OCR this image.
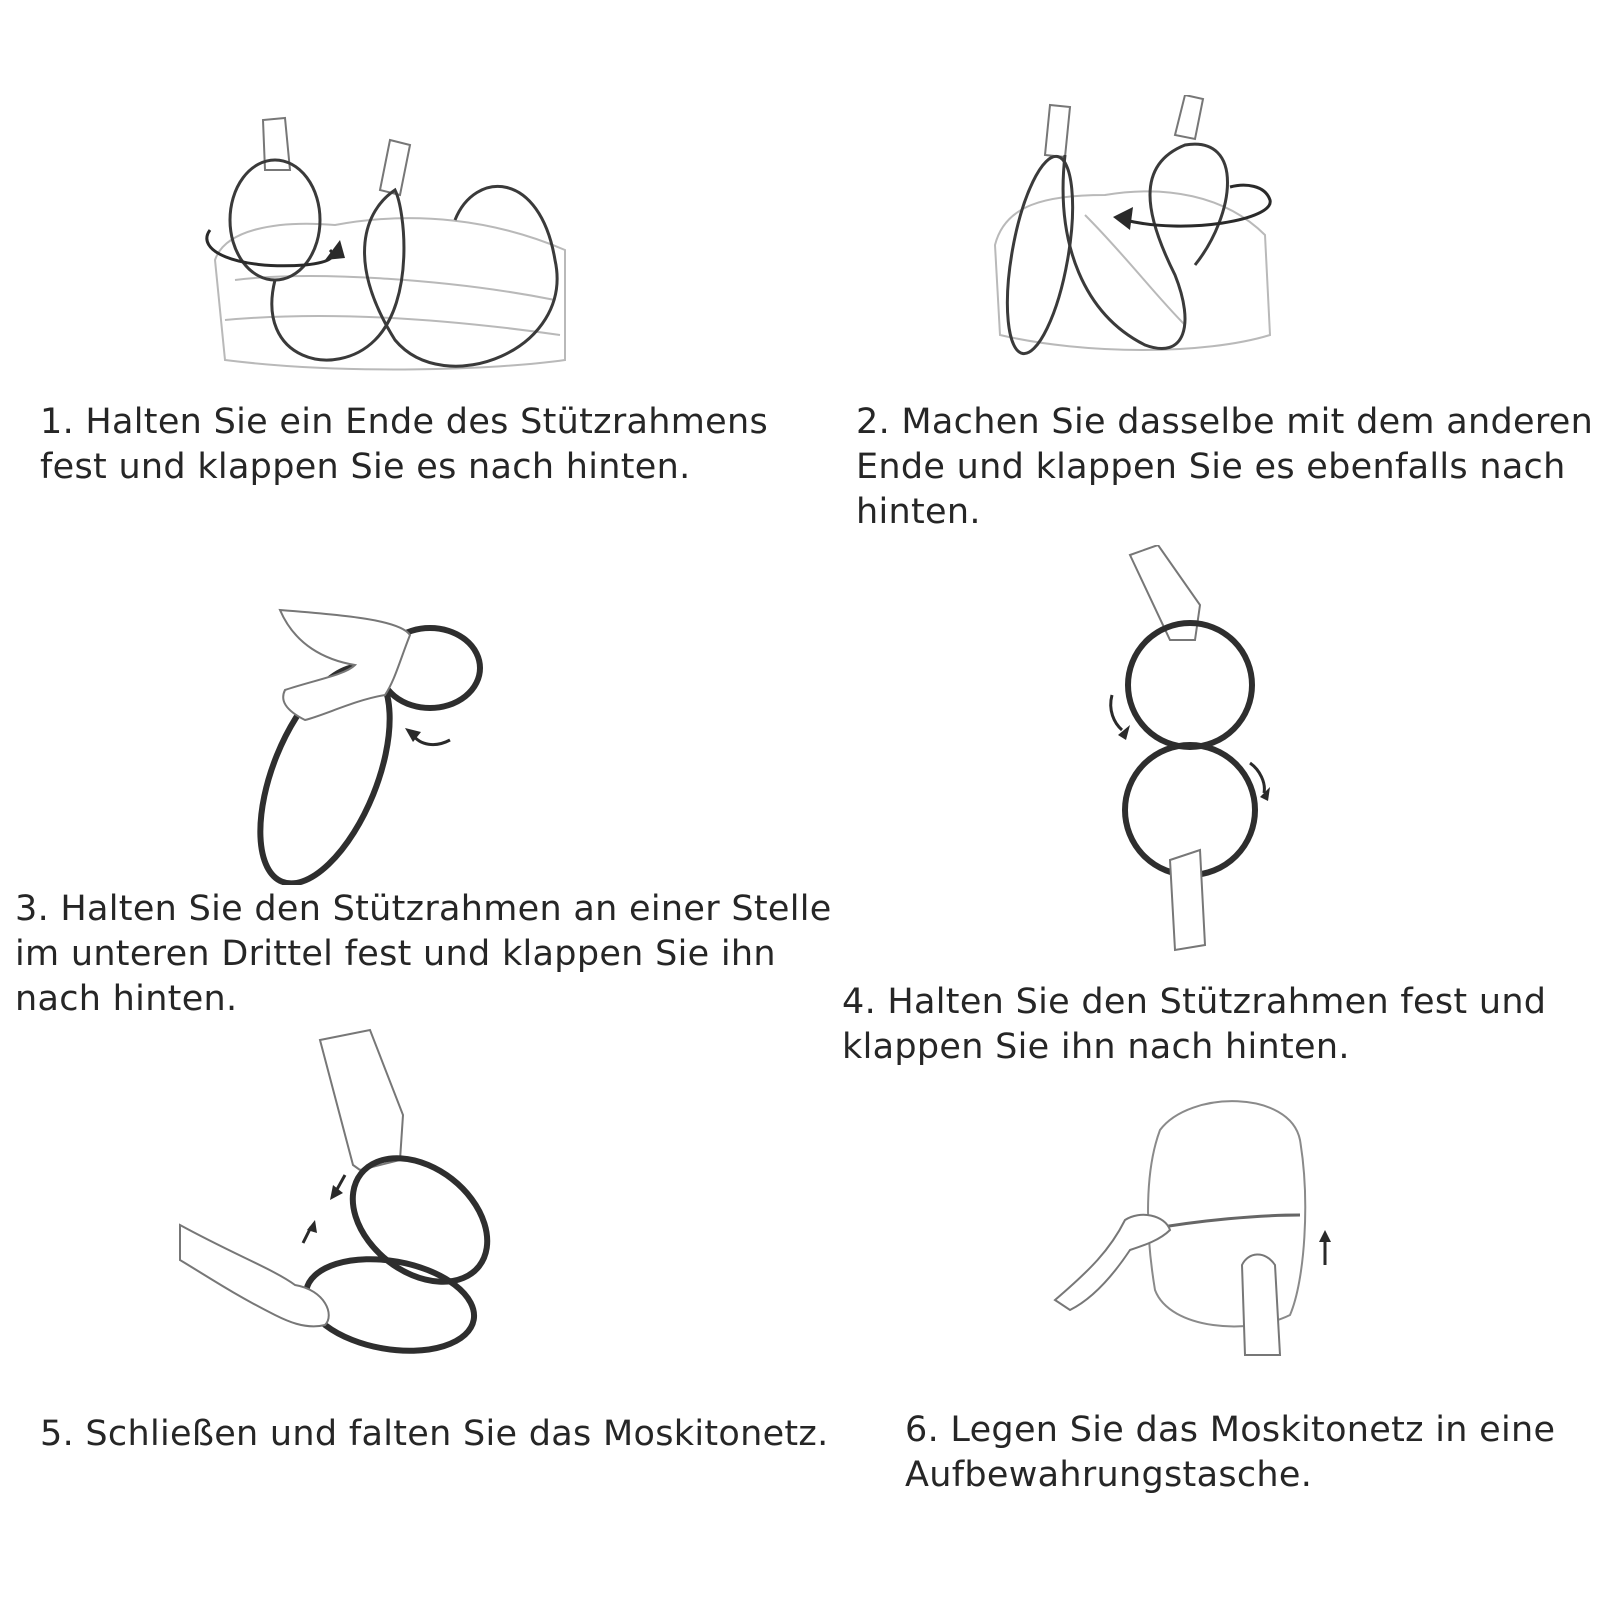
1. Halten Sie ein Ende des Stützrahmens
fest und klappen Sie es nach hinten.
2. Machen Sie dasselbe mit dem anderen
Ende und klappen Sie es ebenfalls nach
hinten.
3. Halten Sie den Stützrahmen an einer Stelle
im unteren Drittel fest und klappen Sie ihn
nach hinten.	4. Halten Sie den Stützrahmen fest und
klappen Sie ihn nach hinten.
5. Schließen und falten Sie das Moskitonetz. 6. Legen Sie das Moskitonetz in eine
Aufbewahrungstasche.
